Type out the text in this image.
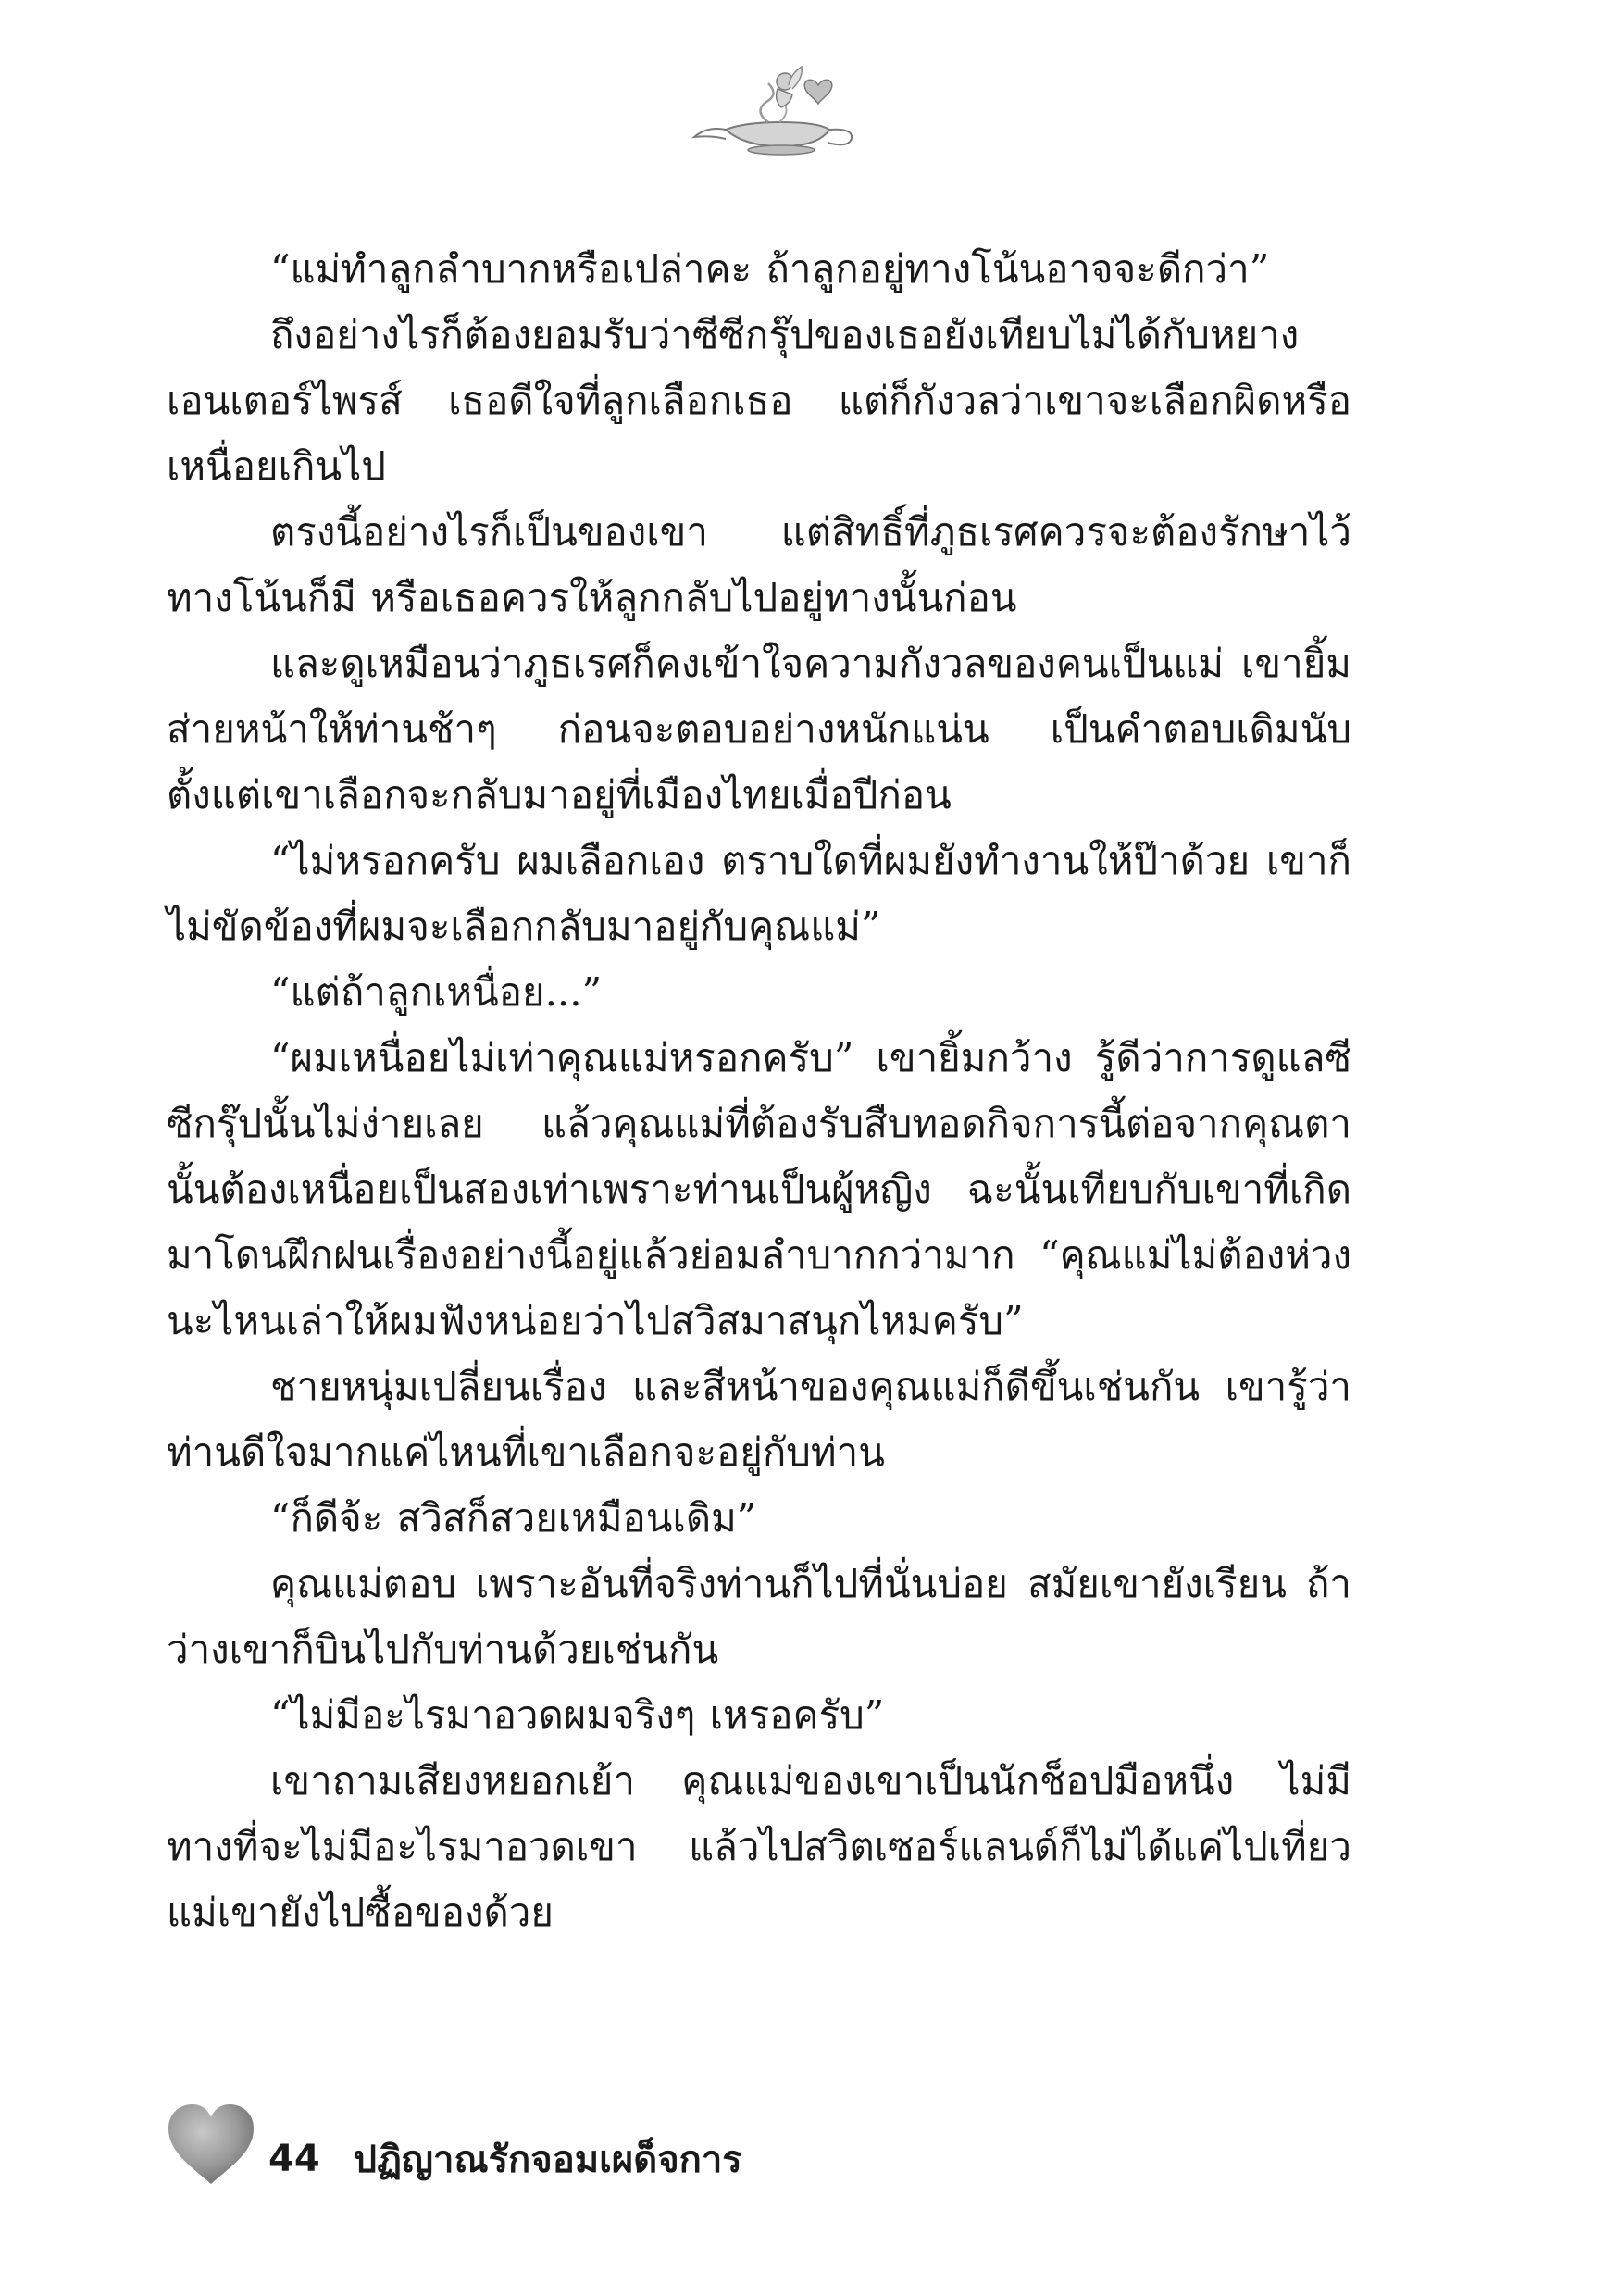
“แม่ทำลูกลำบากหรือเปล่าคะ ถ้าลูกอยู่ทางโน้นอาจจะดีกว่า”

ถึงอย่างไรก็ต้องยอมรับว่าซีซีกรุ๊ปของเธอยังเทียบไม่ได้กับหยาง เอนเตอร์ไพรส์ เธอดีใจที่ลูกเลือกเธอ แต่ก็กังวลว่าเขาจะเลือกผิดหรือเหนื่อยเกินไป

ตรงนี้อย่างไรก็เป็นของเขา แต่สิทธิ์ที่ภูธเรศควรจะต้องรักษาไว้ทางโน้นก็มี หรือเธอควรให้ลูกกลับไปอยู่ทางนั้นก่อน

และดูเหมือนว่าภูธเรศก็คงเข้าใจความกังวลของคนเป็นแม่ เขายิ้มส่ายหน้าให้ท่านช้าๆ ก่อนจะตอบอย่างหนักแน่น เป็นคำตอบเดิมนับตั้งแต่เขาเลือกจะกลับมาอยู่ที่เมืองไทยเมื่อปีก่อน

“ไม่หรอกครับ ผมเลือกเอง ตราบใดที่ผมยังทำงานให้ป๊าด้วย เขาก็ไม่ขัดข้องที่ผมจะเลือกกลับมาอยู่กับคุณแม่”

“แต่ถ้าลูกเหนื่อย...”

“ผมเหนื่อยไม่เท่าคุณแม่หรอกครับ” เขายิ้มกว้าง รู้ดีว่าการดูแลซีซีกรุ๊ปนั้นไม่ง่ายเลย แล้วคุณแม่ที่ต้องรับสืบทอดกิจการนี้ต่อจากคุณตานั้นต้องเหนื่อยเป็นสองเท่าเพราะท่านเป็นผู้หญิง ฉะนั้นเทียบกับเขาที่เกิดมาโดนฝึกฝนเรื่องอย่างนี้อยู่แล้วย่อมลำบากกว่ามาก “คุณแม่ไม่ต้องห่วงนะไหนเล่าให้ผมฟังหน่อยว่าไปสวิสมาสนุกไหมครับ”

ชายหนุ่มเปลี่ยนเรื่อง และสีหน้าของคุณแม่ก็ดีขึ้นเช่นกัน เขารู้ว่าท่านดีใจมากแค่ไหนที่เขาเลือกจะอยู่กับท่าน

“ก็ดีจ้ะ สวิสก็สวยเหมือนเดิม”

คุณแม่ตอบ เพราะอันที่จริงท่านก็ไปที่นั่นบ่อย สมัยเขายังเรียน ถ้าว่างเขาก็บินไปกับท่านด้วยเช่นกัน

“ไม่มีอะไรมาอวดผมจริงๆ เหรอครับ”

เขาถามเสียงหยอกเย้า คุณแม่ของเขาเป็นนักช็อปมือหนึ่ง ไม่มีทางที่จะไม่มีอะไรมาอวดเขา แล้วไปสวิตเซอร์แลนด์ก็ไม่ได้แค่ไปเที่ยว แม่เขายังไปซื้อของด้วย

44 ปฏิญาณรักจอมเผด็จการ
